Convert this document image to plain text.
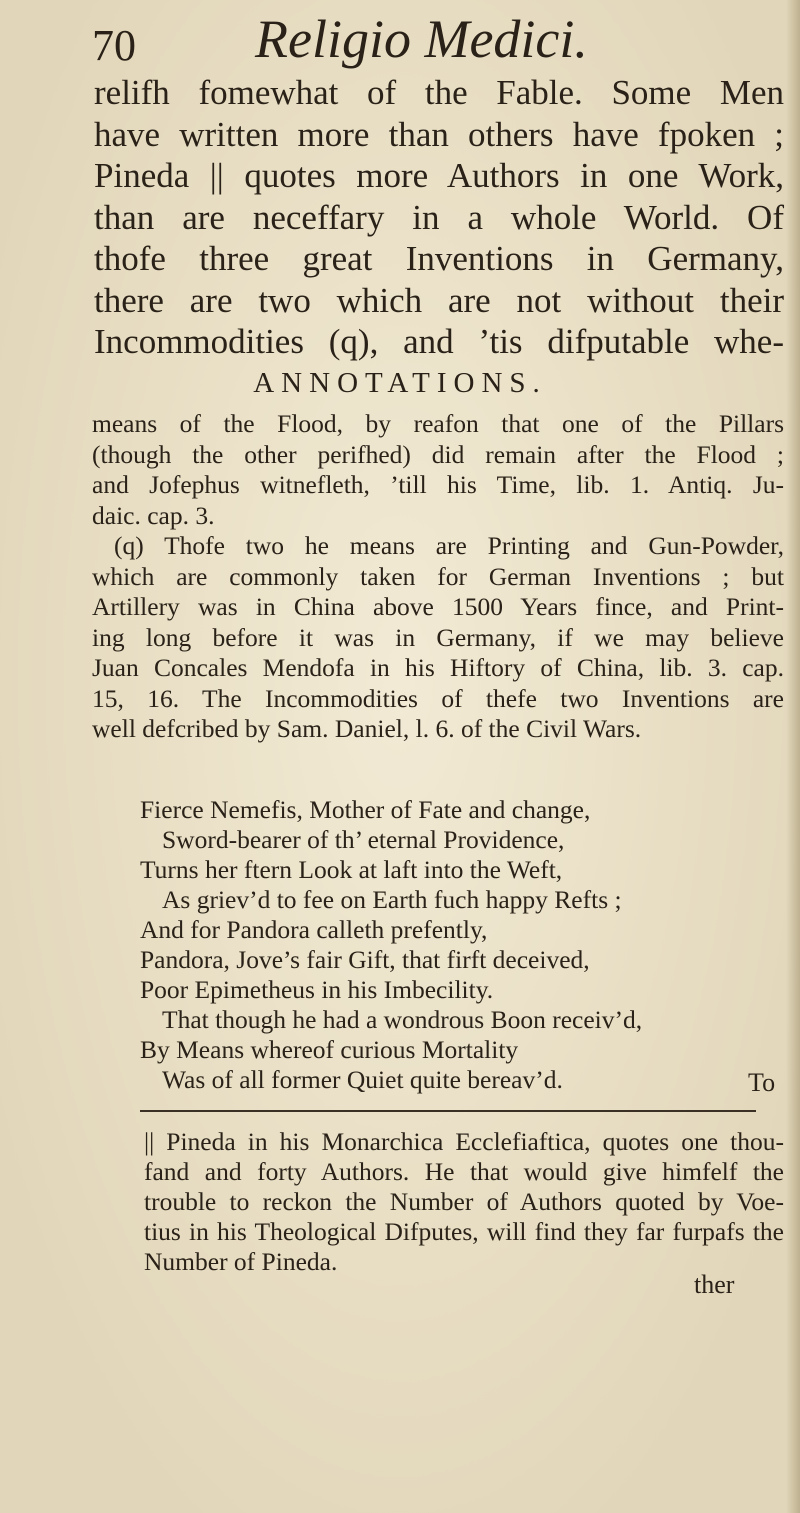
70 Religio Medici.
relifh fomewhat of the Fable. Some Men
have written more than others have fpoken ;
Pineda || quotes more Authors in one Work,
than are neceffary in a whole World. Of
thofe three great Inventions in Germany,
there are two which are not without their
Incommodities (q), and ’tis difputable whe-
ANNOTATIONS.
means of the Flood, by reafon that one of the Pillars
(though the other perifhed) did remain after the Flood ;
and Jofephus witnefleth, ’till his Time, lib. 1. Antiq. Ju-
daic. cap. 3.
(q) Thofe two he means are Printing and Gun-Powder,
which are commonly taken for German Inventions ; but
Artillery was in China above 1500 Years fince, and Print-
ing long before it was in Germany, if we may believe
Juan Concales Mendofa in his Hiftory of China, lib. 3. cap.
15, 16. The Incommodities of thefe two Inventions are
well defcribed by Sam. Daniel, l. 6. of the Civil Wars.
Fierce Nemefis, Mother of Fate and change,
Sword-bearer of th’ eternal Providence,
Turns her ftern Look at laft into the Weft,
As griev’d to fee on Earth fuch happy Refts ;
And for Pandora calleth prefently,
Pandora, Jove’s fair Gift, that firft deceived,
Poor Epimetheus in his Imbecility.
That though he had a wondrous Boon receiv’d,
By Means whereof curious Mortality
Was of all former Quiet quite bereav’d.	To
|| Pineda in his Monarchica Ecclefiaftica, quotes one thou-
fand and forty Authors. He that would give himfelf the
trouble to reckon the Number of Authors quoted by Voe-
tius in his Theological Difputes, will find they far furpafs the
Number of Pineda.
ther
